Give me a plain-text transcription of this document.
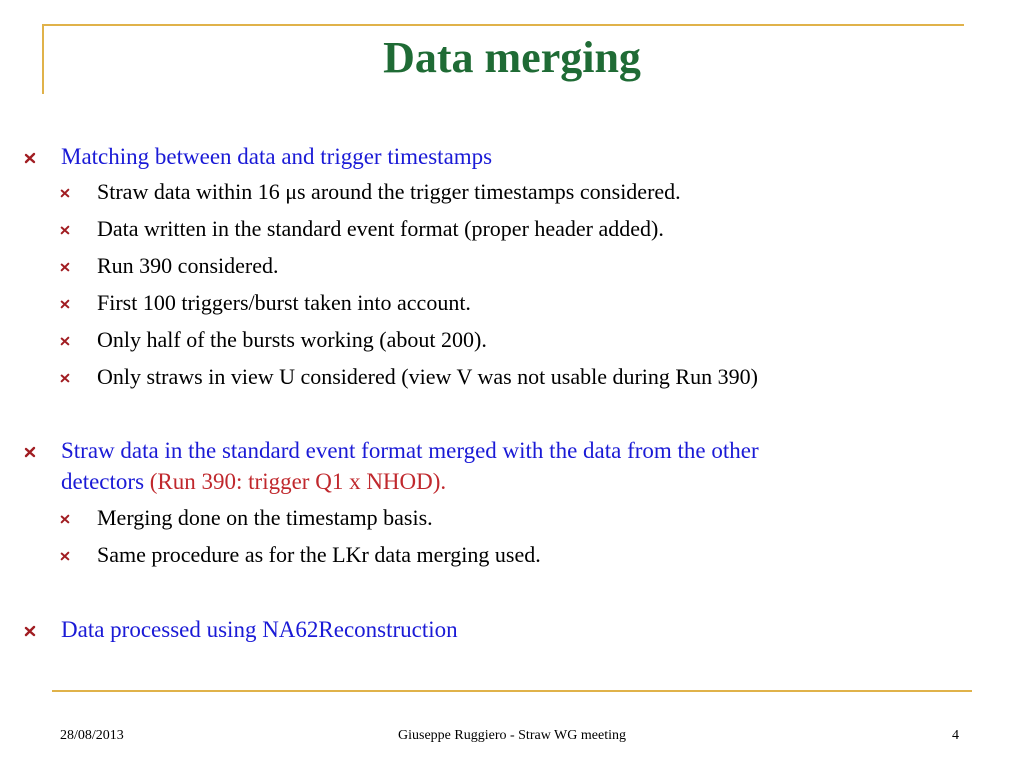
Data merging
Matching between data and trigger timestamps
Straw data within 16 μs around the trigger timestamps considered.
Data written in the standard event format (proper header added).
Run 390 considered.
First 100 triggers/burst taken into account.
Only half of the bursts working (about 200).
Only straws in view U considered (view V was not usable during Run 390)
Straw data in the standard event format merged with the data from the other
detectors (Run 390: trigger Q1 x NHOD).
Merging done on the timestamp basis.
Same procedure as for the LKr data merging used.
Data processed using NA62Reconstruction
28/08/2013	Giuseppe Ruggiero - Straw WG meeting	4
